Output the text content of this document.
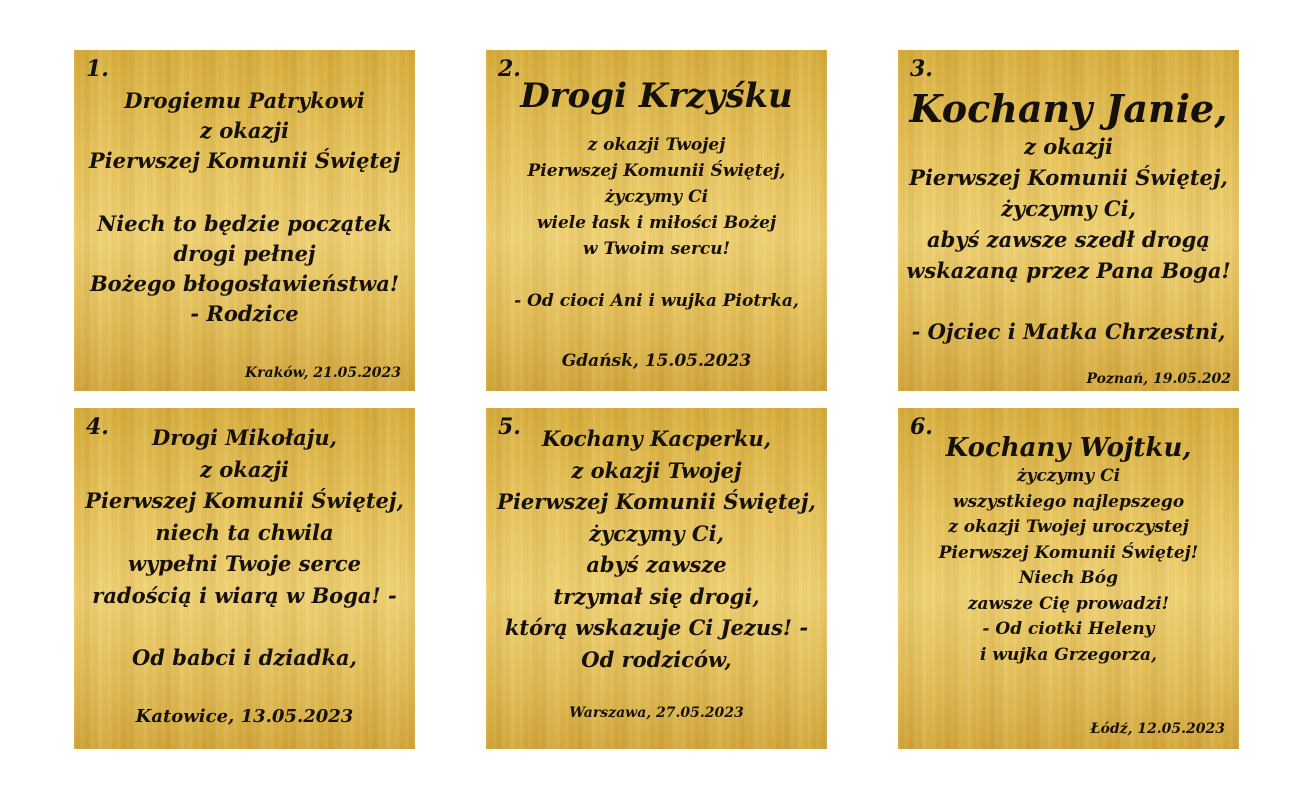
1.
Drogiemu Patrykowi
z okazji
Pierwszej Komunii Świętej
Niech to będzie początek
drogi pełnej
Bożego błogosławieństwa!
- Rodzice
Kraków, 21.05.2023
2.
Drogi Krzyśku
z okazji Twojej
Pierwszej Komunii Świętej,
życzymy Ci
wiele łask i miłości Bożej
w Twoim sercu!
- Od cioci Ani i wujka Piotrka,
Gdańsk, 15.05.2023
3.
Kochany Janie,
z okazji
Pierwszej Komunii Świętej,
życzymy Ci,
abyś zawsze szedł drogą
wskazaną przez Pana Boga!
- Ojciec i Matka Chrzestni,
Poznań, 19.05.202
4.	Drogi Mikołaju,
z okazji
Pierwszej Komunii Świętej,
niech ta chwila
wypełni Twoje serce
radością i wiarą w Boga! -
Od babci i dziadka,
Katowice, 13.05.2023
5. Kochany Kacperku,
z okazji Twojej
Pierwszej Komunii Świętej,
życzymy Ci,
abyś zawsze
trzymał się drogi,
którą wskazuje Ci Jezus! -
Od rodziców,
Warszawa, 27.05.2023
6.
Kochany Wojtku,
życzymy Ci
wszystkiego najlepszego
z okazji Twojej uroczystej
Pierwszej Komunii Świętej!
Niech Bóg
zawsze Cię prowadzi!
- Od ciotki Heleny
i wujka Grzegorza,
Łódź, 12.05.2023
